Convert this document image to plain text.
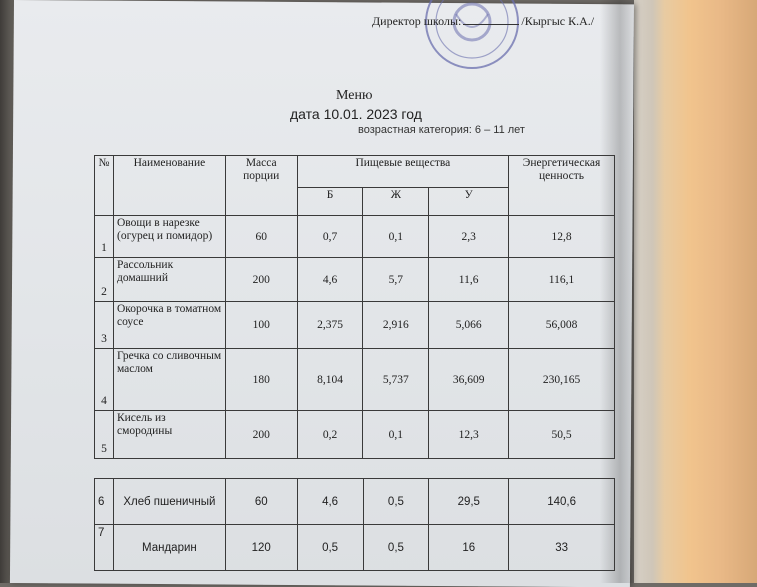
Директор школы:	/Кыргыс К.А./
Меню
дата 10.01. 2023 год
возрастная категория: 6 – 11 лет
№	Наименование	Масса порции	Пищевые вещества			Энергетическая ценность
			Б	Ж	У	
1	Овощи в нарезке (огурец и помидор)	60	0,7	0,1	2,3	12,8
2	Рассольник домашний	200	4,6	5,7	11,6	116,1
3	Окорочка в томатном соусе	100	2,375	2,916	5,066	56,008
4	Гречка со сливочным маслом	180	8,104	5,737	36,609	230,165
5	Кисель из смородины	200	0,2	0,1	12,3	50,5
6	Хлеб пшеничный	60	4,6	0,5	29,5	140,6
7	Мандарин	120	0,5	0,5	16	33
